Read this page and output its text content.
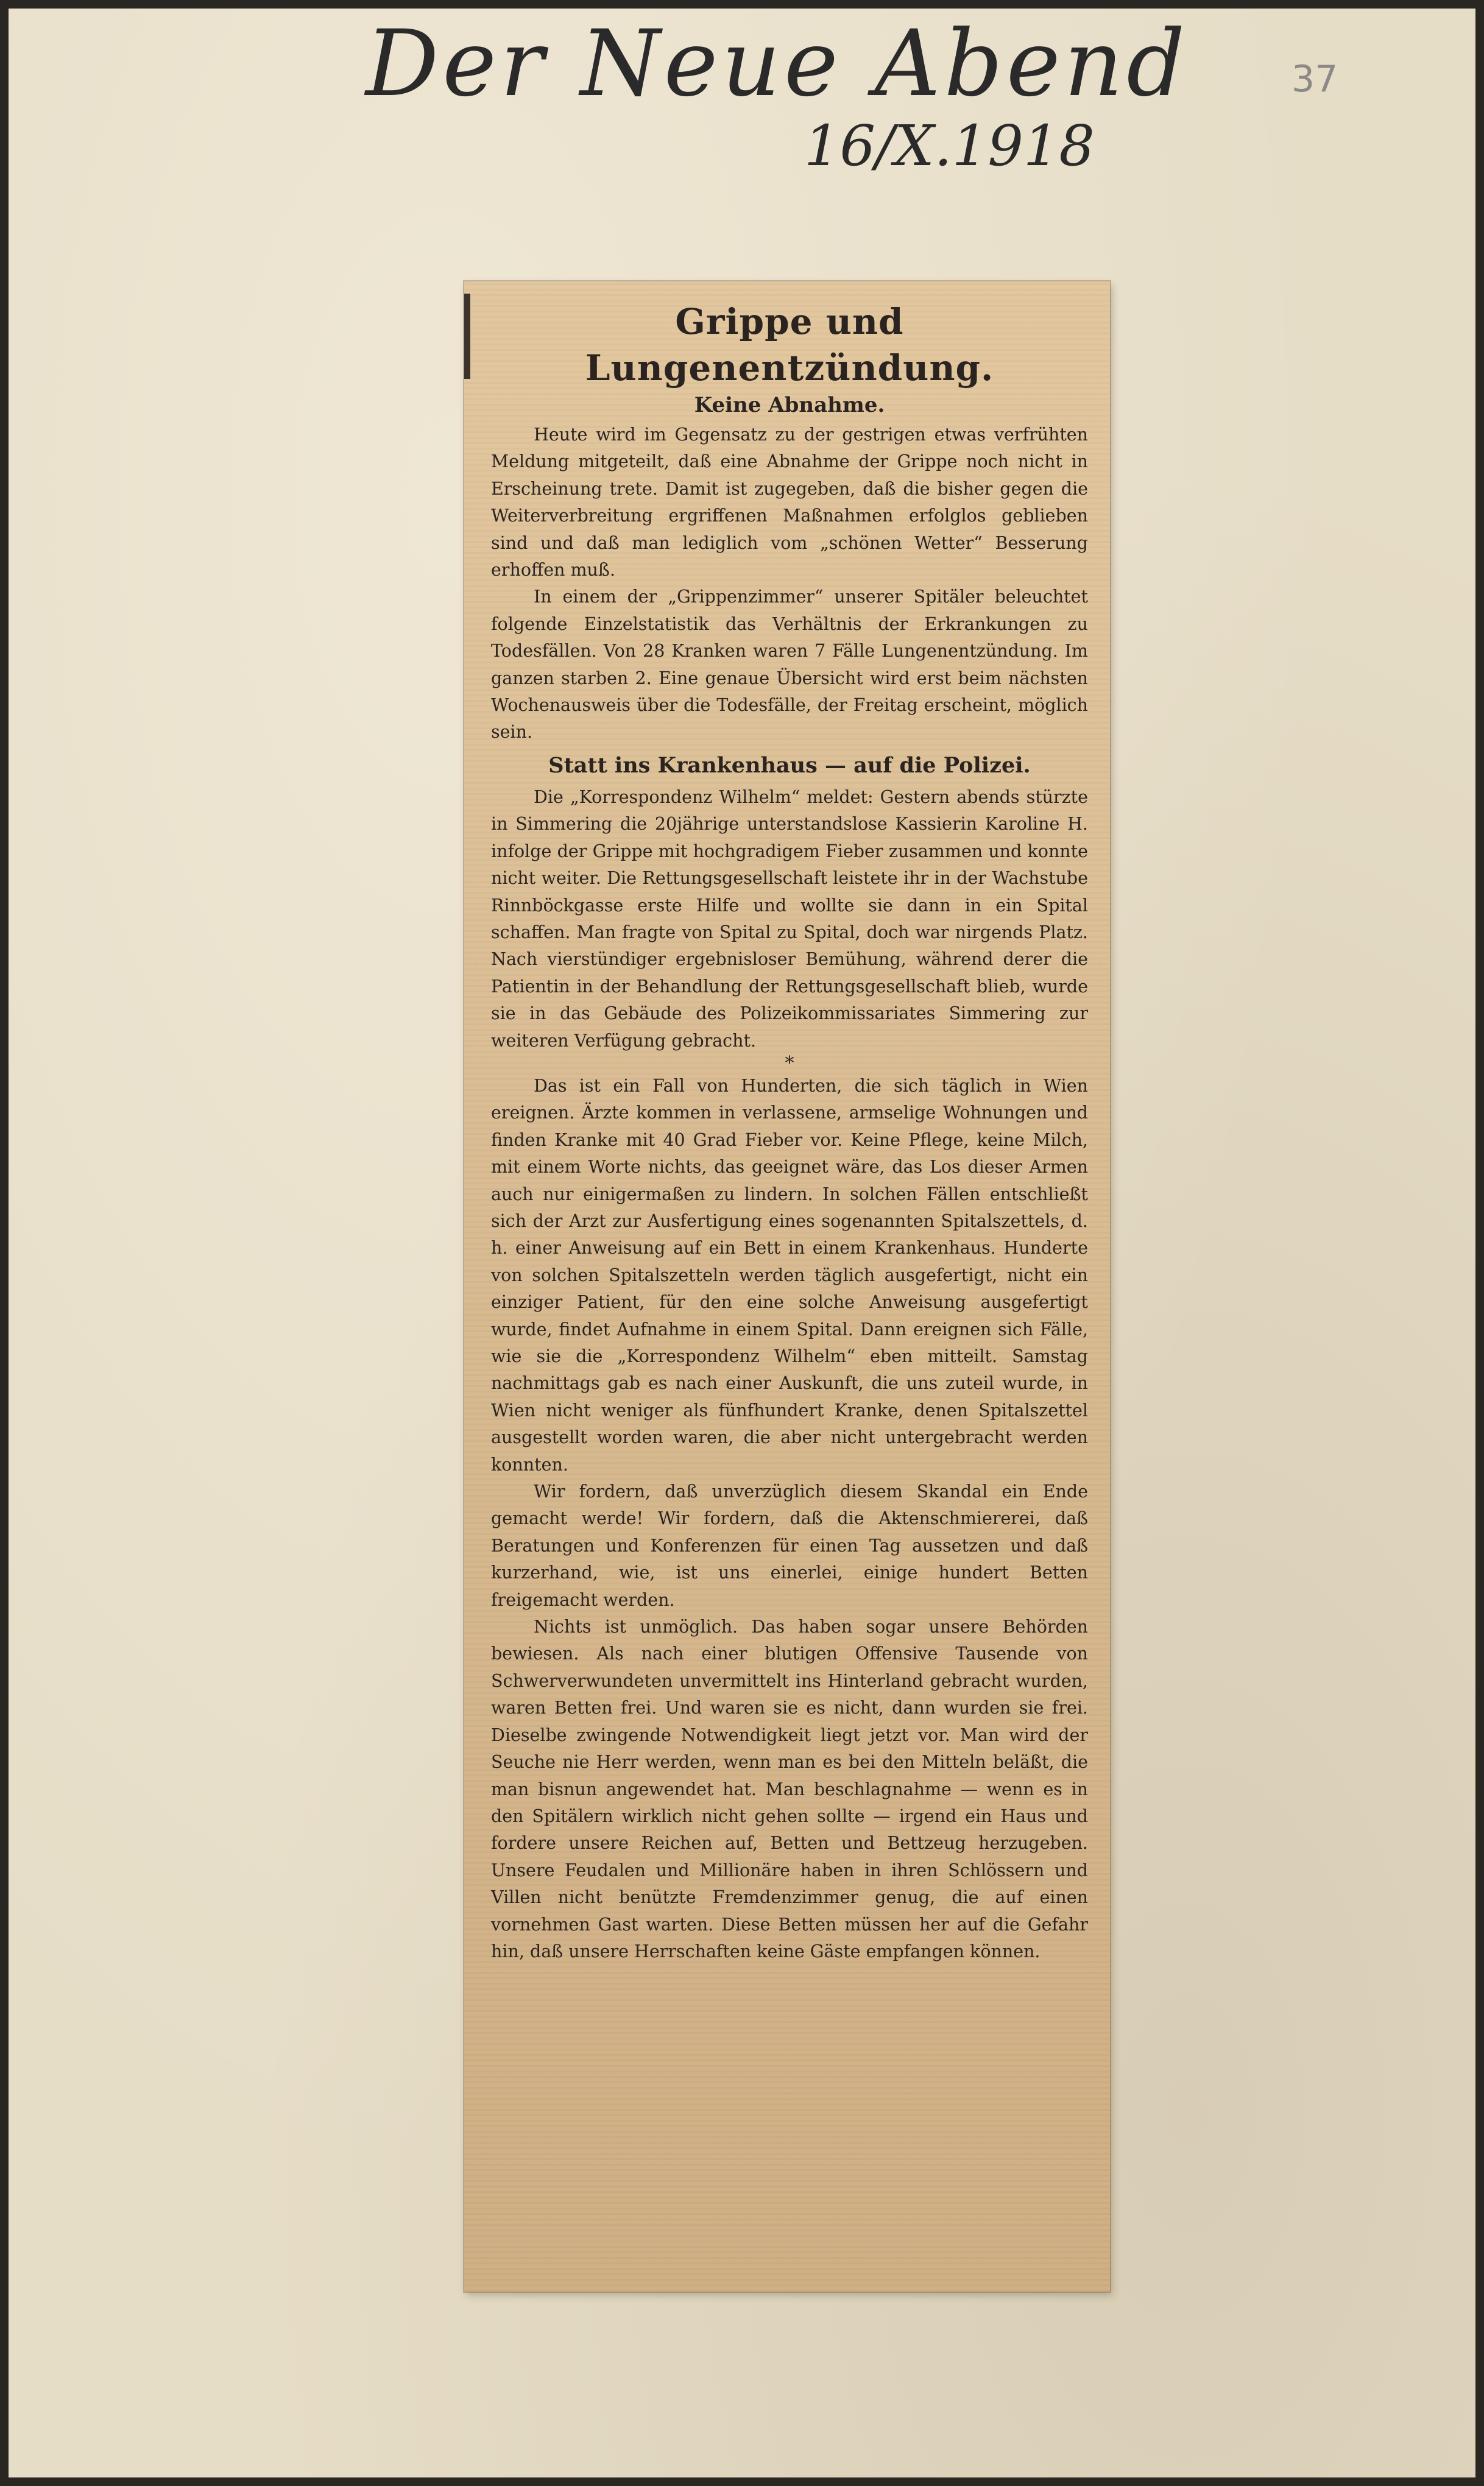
Der Neue Abend
16/X.1918
37
Grippe und Lungenentzündung.
Keine Abnahme.

Heute wird im Gegensatz zu der gestrigen etwas verfrühten Meldung mitgeteilt, daß eine Abnahme der Grippe noch nicht in Erscheinung trete. Damit ist zugegeben, daß die bisher gegen die Weiterverbreitung ergriffenen Maßnahmen erfolglos geblieben sind und daß man lediglich vom „schönen Wetter“ Besserung erhoffen muß.

In einem der „Grippenzimmer“ unserer Spitäler beleuchtet folgende Einzelstatistik das Verhältnis der Erkrankungen zu Todesfällen. Von 28 Kranken waren 7 Fälle Lungenentzündung. Im ganzen starben 2. Eine genaue Übersicht wird erst beim nächsten Wochenausweis über die Todesfälle, der Freitag erscheint, möglich sein.

Statt ins Krankenhaus — auf die Polizei.

Die „Korrespondenz Wilhelm“ meldet: Gestern abends stürzte in Simmering die 20jährige unterstandslose Kassierin Karoline H. infolge der Grippe mit hochgradigem Fieber zusammen und konnte nicht weiter. Die Rettungsgesellschaft leistete ihr in der Wachstube Rinnböckgasse erste Hilfe und wollte sie dann in ein Spital schaffen. Man fragte von Spital zu Spital, doch war nirgends Platz. Nach vierstündiger ergebnisloser Bemühung, während derer die Patientin in der Behandlung der Rettungsgesellschaft blieb, wurde sie in das Gebäude des Polizeikommissariates Simmering zur weiteren Verfügung gebracht.

*

Das ist ein Fall von Hunderten, die sich täglich in Wien ereignen. Ärzte kommen in verlassene, armselige Wohnungen und finden Kranke mit 40 Grad Fieber vor. Keine Pflege, keine Milch, mit einem Worte nichts, das geeignet wäre, das Los dieser Armen auch nur einigermaßen zu lindern. In solchen Fällen entschließt sich der Arzt zur Ausfertigung eines sogenannten Spitalszettels, d. h. einer Anweisung auf ein Bett in einem Krankenhaus. Hunderte von solchen Spitalszetteln werden täglich ausgefertigt, nicht ein einziger Patient, für den eine solche Anweisung ausgefertigt wurde, findet Aufnahme in einem Spital. Dann ereignen sich Fälle, wie sie die „Korrespondenz Wilhelm“ eben mitteilt. Samstag nachmittags gab es nach einer Auskunft, die uns zuteil wurde, in Wien nicht weniger als fünfhundert Kranke, denen Spitalszettel ausgestellt worden waren, die aber nicht untergebracht werden konnten.

Wir fordern, daß unverzüglich diesem Skandal ein Ende gemacht werde! Wir fordern, daß die Aktenschmiererei, daß Beratungen und Konferenzen für einen Tag aussetzen und daß kurzerhand, wie, ist uns einerlei, einige hundert Betten freigemacht werden.

Nichts ist unmöglich. Das haben sogar unsere Behörden bewiesen. Als nach einer blutigen Offensive Tausende von Schwerverwundeten unvermittelt ins Hinterland gebracht wurden, waren Betten frei. Und waren sie es nicht, dann wurden sie frei. Dieselbe zwingende Notwendigkeit liegt jetzt vor. Man wird der Seuche nie Herr werden, wenn man es bei den Mitteln beläßt, die man bisnun angewendet hat. Man beschlagnahme — wenn es in den Spitälern wirklich nicht gehen sollte — irgend ein Haus und fordere unsere Reichen auf, Betten und Bettzeug herzugeben. Unsere Feudalen und Millionäre haben in ihren Schlössern und Villen nicht benützte Fremdenzimmer genug, die auf einen vornehmen Gast warten. Diese Betten müssen her auf die Gefahr hin, daß unsere Herrschaften keine Gäste empfangen können.
